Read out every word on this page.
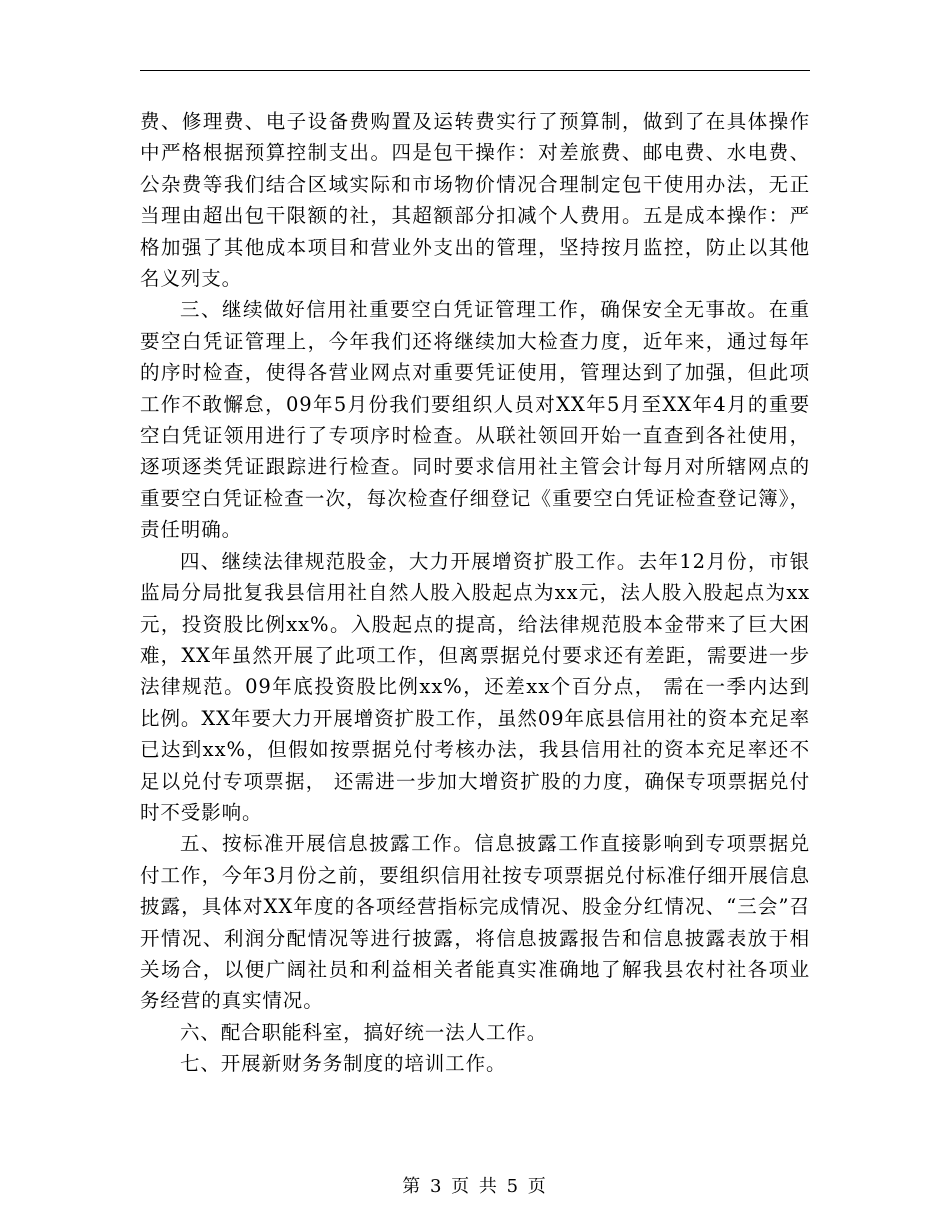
费、修理费、电子设备费购置及运转费实行了预算制，做到了在具体操作中严格根据预算控制支出。四是包干操作：对差旅费、邮电费、水电费、公杂费等我们结合区域实际和市场物价情况合理制定包干使用办法，无正当理由超出包干限额的社，其超额部分扣减个人费用。五是成本操作：严格加强了其他成本项目和营业外支出的管理，坚持按月监控，防止以其他名义列支。

三、继续做好信用社重要空白凭证管理工作，确保安全无事故。在重要空白凭证管理上，今年我们还将继续加大检查力度，近年来，通过每年的序时检查，使得各营业网点对重要凭证使用，管理达到了加强，但此项工作不敢懈怠，09年5月份我们要组织人员对XX年5月至XX年4月的重要空白凭证领用进行了专项序时检查。从联社领回开始一直查到各社使用，逐项逐类凭证跟踪进行检查。同时要求信用社主管会计每月对所辖网点的重要空白凭证检查一次，每次检查仔细登记《重要空白凭证检查登记簿》，责任明确。

四、继续法律规范股金，大力开展增资扩股工作。去年12月份，市银监局分局批复我县信用社自然人股入股起点为xx元，法人股入股起点为xx元，投资股比例xx%。入股起点的提高，给法律规范股本金带来了巨大困难，XX年虽然开展了此项工作，但离票据兑付要求还有差距，需要进一步法律规范。09年底投资股比例xx%，还差xx个百分点， 需在一季内达到比例。XX年要大力开展增资扩股工作，虽然09年底县信用社的资本充足率已达到xx%，但假如按票据兑付考核办法，我县信用社的资本充足率还不足以兑付专项票据， 还需进一步加大增资扩股的力度，确保专项票据兑付时不受影响。

五、按标准开展信息披露工作。信息披露工作直接影响到专项票据兑付工作，今年3月份之前，要组织信用社按专项票据兑付标准仔细开展信息披露，具体对XX年度的各项经营指标完成情况、股金分红情况、“三会”召开情况、利润分配情况等进行披露，将信息披露报告和信息披露表放于相关场合，以便广阔社员和利益相关者能真实准确地了解我县农村社各项业务经营的真实情况。

六、配合职能科室，搞好统一法人工作。

七、开展新财务务制度的培训工作。

第 3 页 共 5 页
